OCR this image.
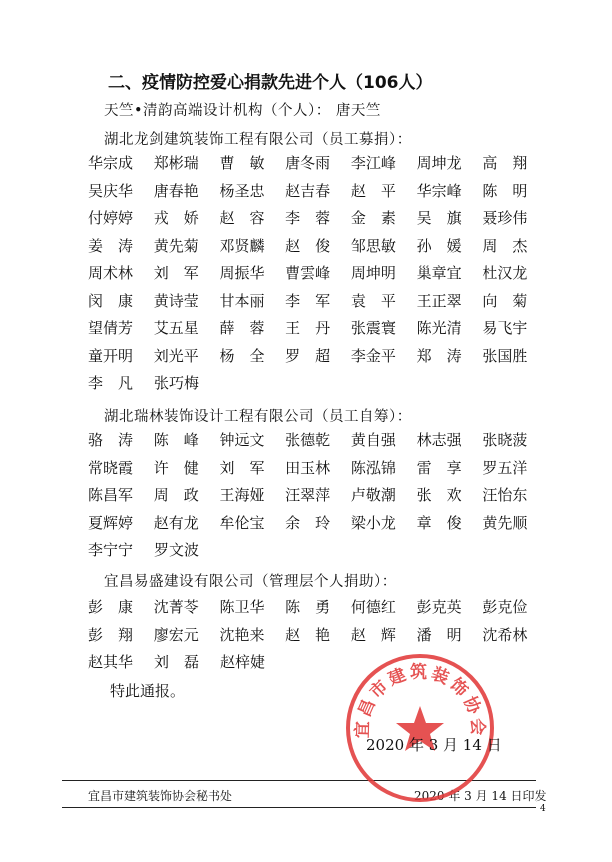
二、疫情防控爱心捐款先进个人（106人）
天竺•清韵高端设计机构（个人）： 唐天竺
湖北龙剑建筑装饰工程有限公司（员工募捐）：
华宗成	郑彬瑞	曹　敏	唐冬雨	李江峰	周坤龙	高　翔
吴庆华	唐春艳	杨圣忠	赵吉春	赵　平	华宗峰	陈　明
付婷婷	戎　娇	赵　容	李　蓉	金　素	吴　旗	聂珍伟
姜　涛	黄先菊	邓贤麟	赵　俊	邹思敏	孙　媛	周　杰
周术林	刘　军	周振华	曹雲峰	周坤明	巢章宜	杜汉龙
闵　康	黄诗莹	甘本丽	李　军	袁　平	王正翠	向　菊
望倩芳	艾五星	薛　蓉	王　丹	张震寰	陈光清	易飞宇
童开明	刘光平	杨　全	罗　超	李金平	郑　涛	张国胜
李　凡	张巧梅
湖北瑞林装饰设计工程有限公司（员工自筹）：
骆　涛	陈　峰	钟远文	张德乾	黄自强	林志强	张晓菠
常晓霞	许　健	刘　军	田玉林	陈泓锦	雷　享	罗五洋
陈昌军	周　政	王海娅	汪翠萍	卢敬潮	张　欢	汪怡东
夏辉婷	赵有龙	牟伦宝	余　玲	梁小龙	章　俊	黄先顺
李宁宁	罗文波
宜昌易盛建设有限公司（管理层个人捐助）：
彭　康	沈菁苓	陈卫华	陈　勇	何德红	彭克英	彭克俭
彭　翔	廖宏元	沈艳来	赵　艳	赵　辉	潘　明	沈希林
赵其华	刘　磊	赵梓婕
特此通报。
宜昌市建筑装饰协会
2020 年 3 月 14 日
宜昌市建筑装饰协会秘书处	2020 年 3 月 14 日印发
4
